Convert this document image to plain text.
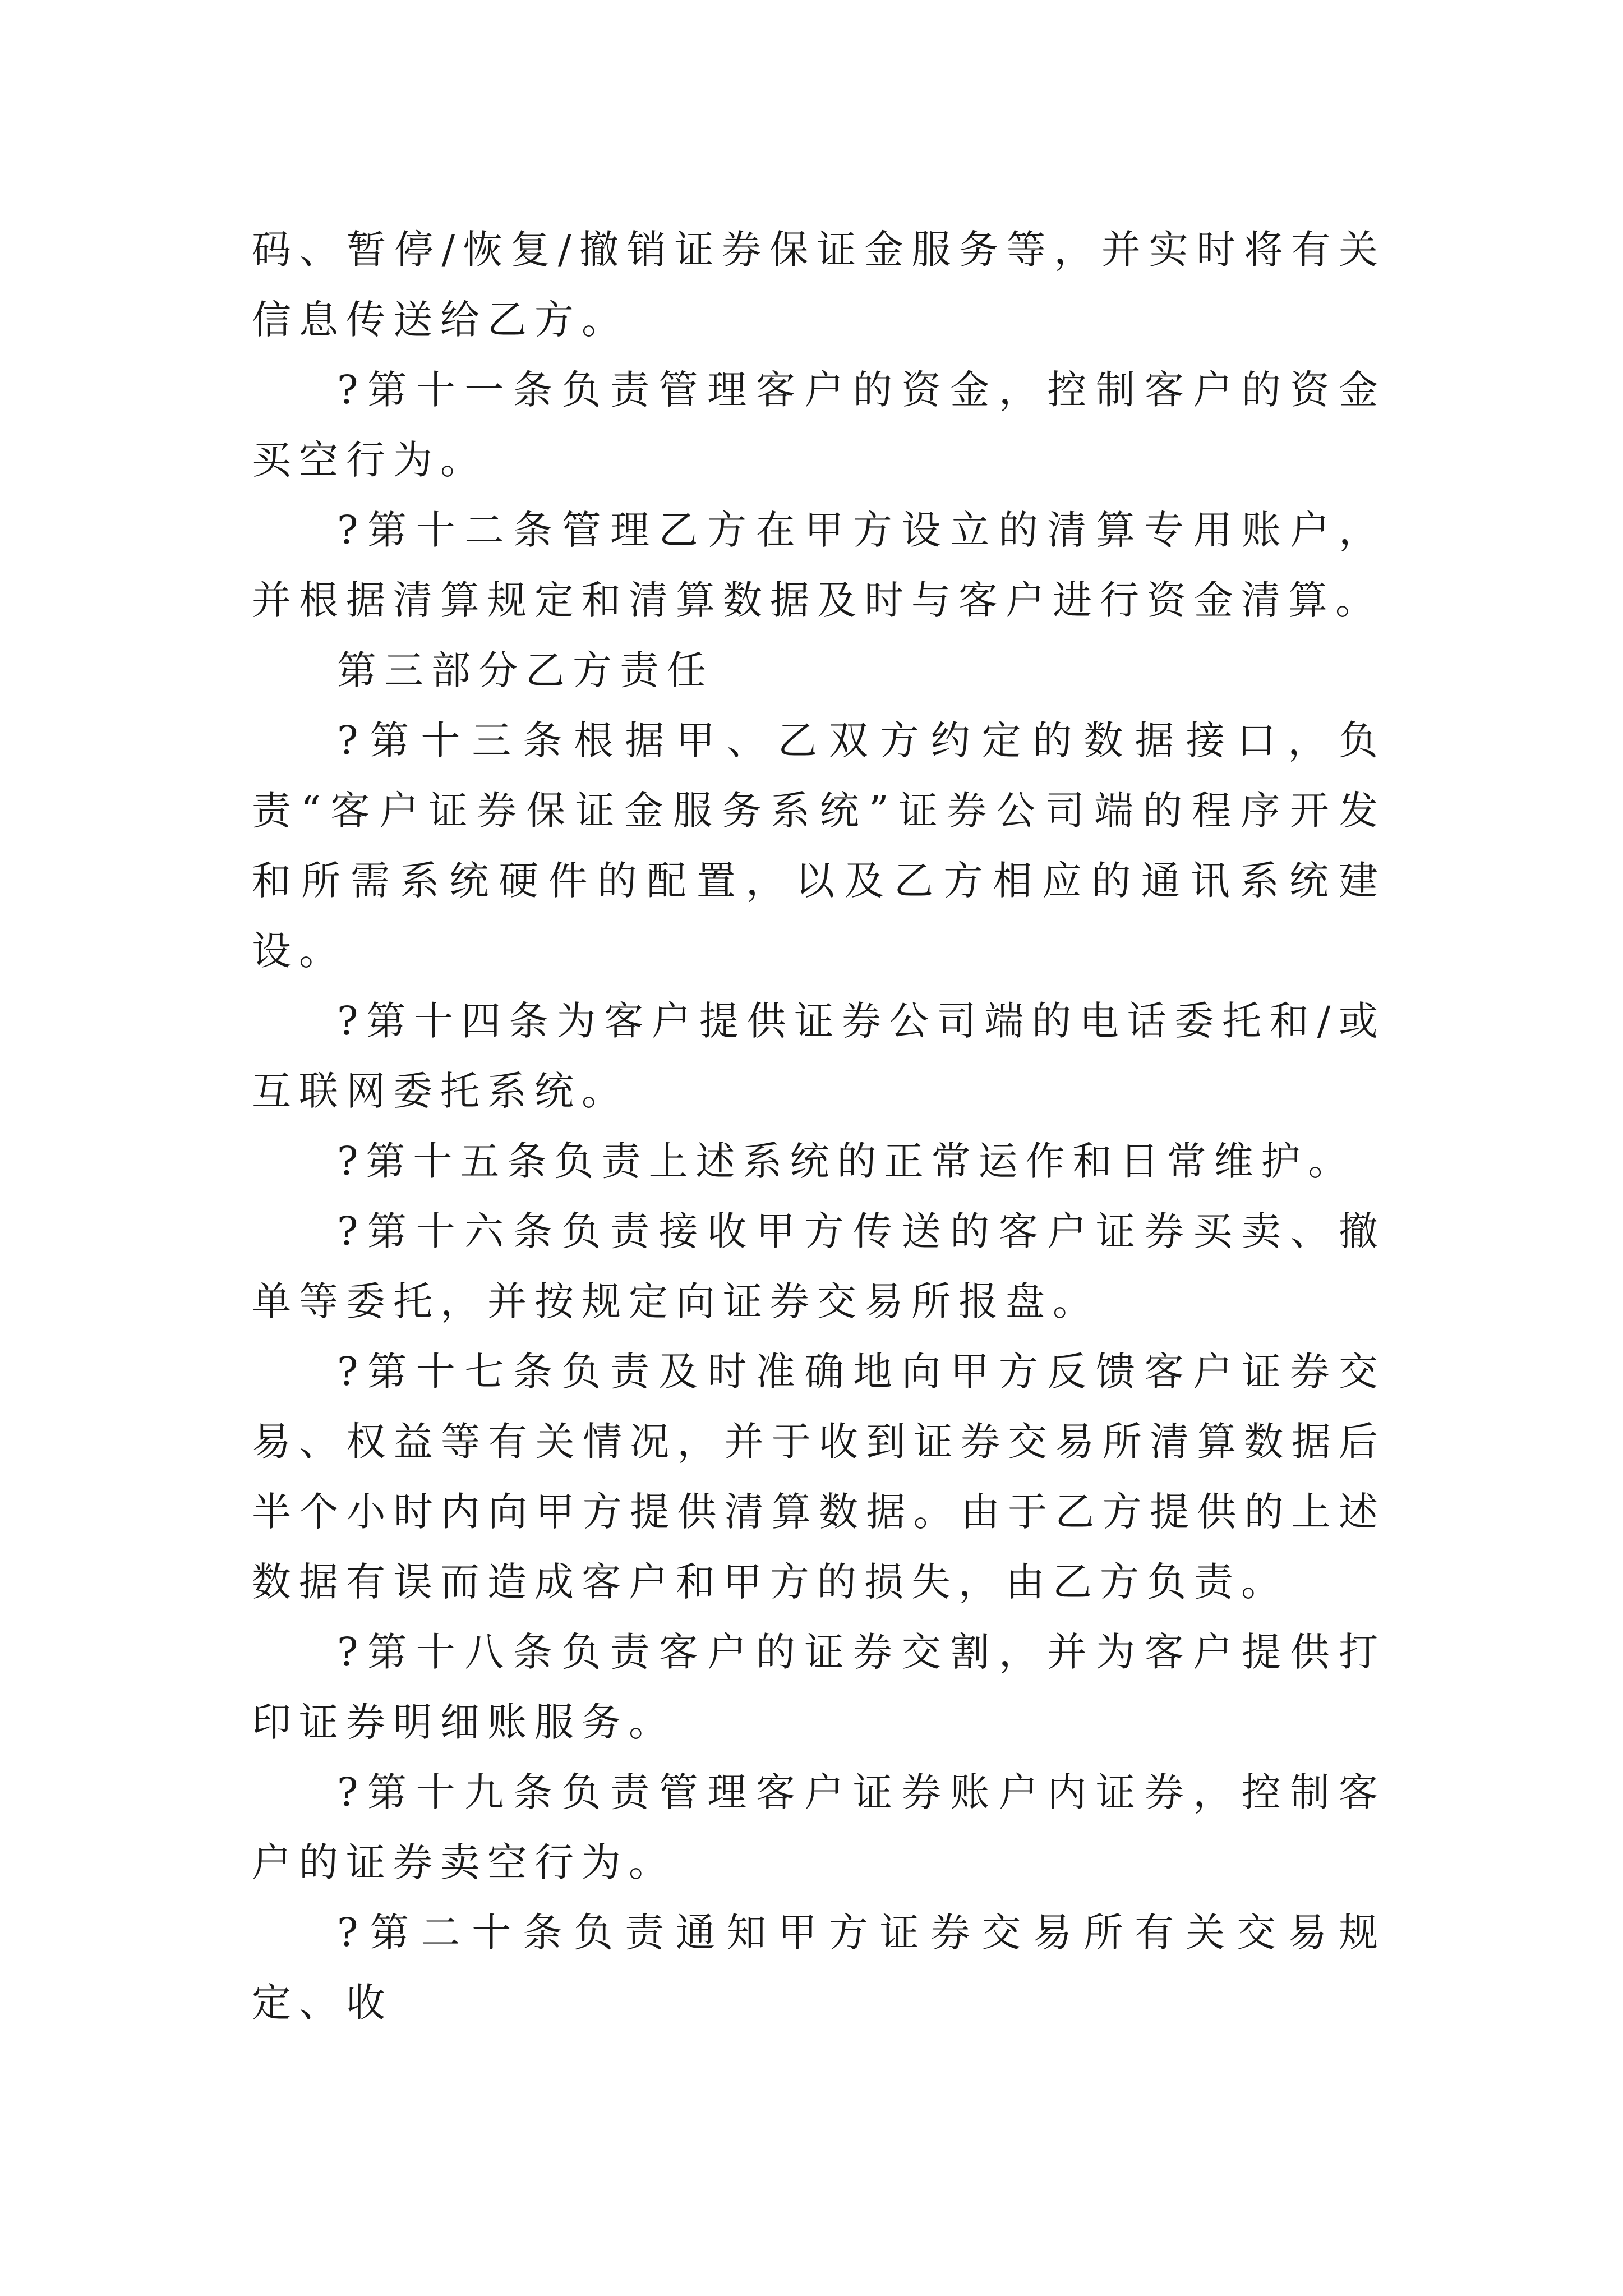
码、暂停/恢复/撤销证券保证金服务等，并实时将有关信息传送给乙方。

?第十一条负责管理客户的资金，控制客户的资金买空行为。

?第十二条管理乙方在甲方设立的清算专用账户，并根据清算规定和清算数据及时与客户进行资金清算。

第三部分乙方责任

?第十三条根据甲、乙双方约定的数据接口，负责“客户证券保证金服务系统”证券公司端的程序开发和所需系统硬件的配置，以及乙方相应的通讯系统建设。

?第十四条为客户提供证券公司端的电话委托和/或互联网委托系统。

?第十五条负责上述系统的正常运作和日常维护。

?第十六条负责接收甲方传送的客户证券买卖、撤单等委托，并按规定向证券交易所报盘。

?第十七条负责及时准确地向甲方反馈客户证券交易、权益等有关情况，并于收到证券交易所清算数据后半个小时内向甲方提供清算数据。由于乙方提供的上述数据有误而造成客户和甲方的损失，由乙方负责。

?第十八条负责客户的证券交割，并为客户提供打印证券明细账服务。

?第十九条负责管理客户证券账户内证券，控制客户的证券卖空行为。

?第二十条负责通知甲方证券交易所有关交易规定、收
